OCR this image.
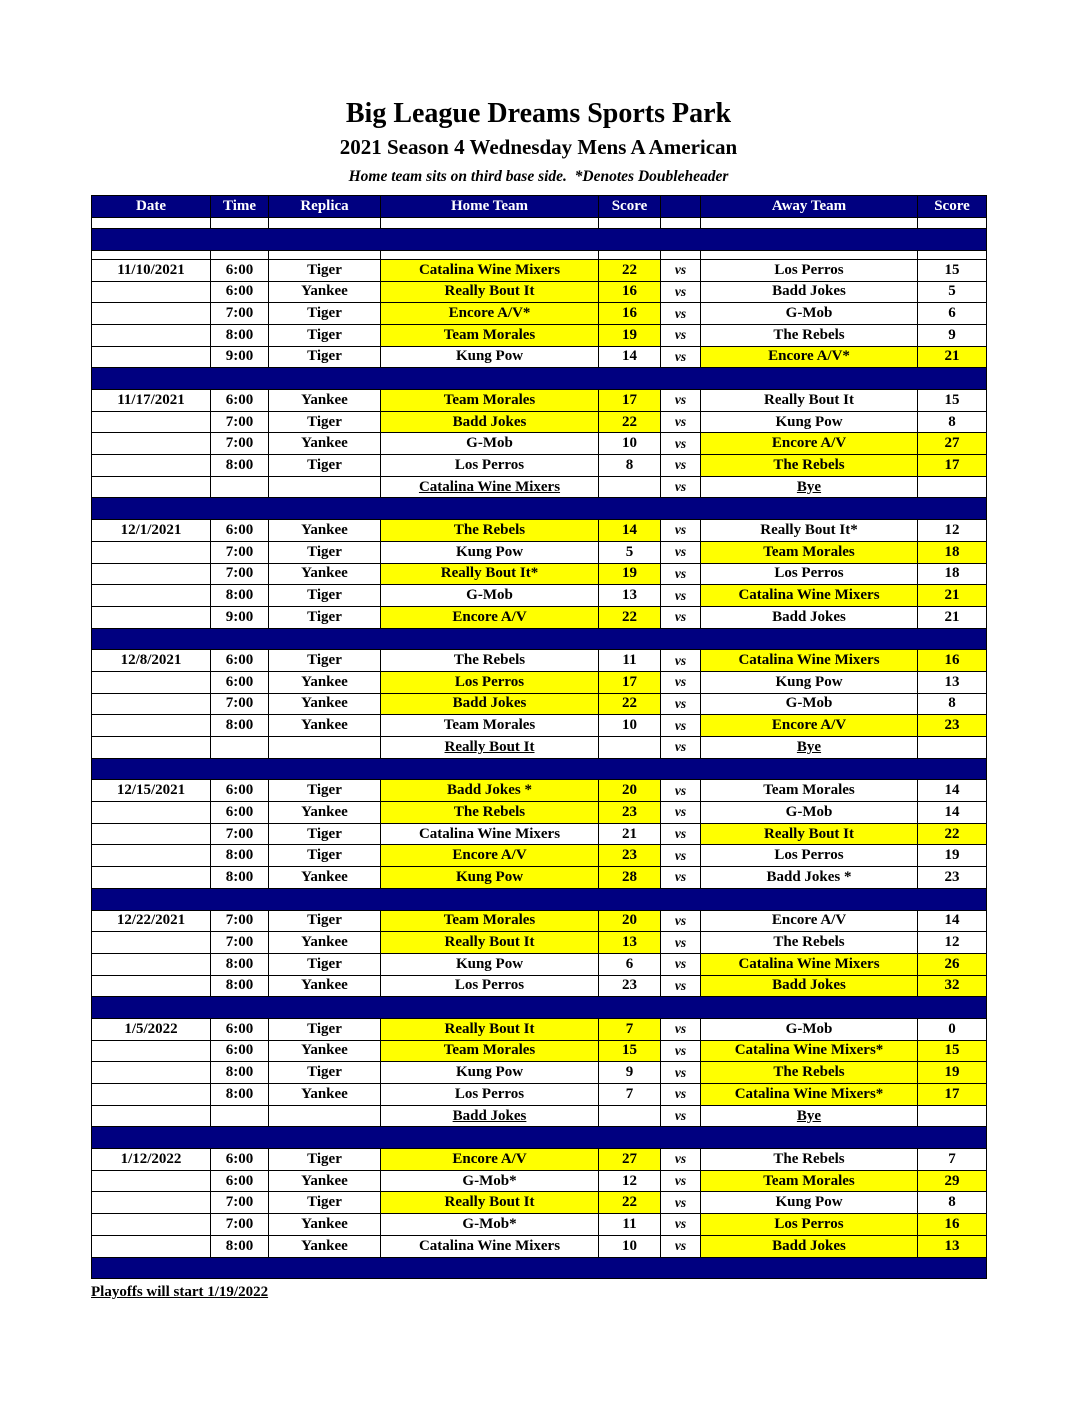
Big League Dreams Sports Park
2021 Season 4 Wednesday Mens A American
Home team sits on third base side.  *Denotes Doubleheader
Date	Time	Replica	Home Team	Score		Away Team	Score

11/10/2021	6:00	Tiger	Catalina Wine Mixers	22	vs	Los Perros	15
	6:00	Yankee	Really Bout It	16	vs	Badd Jokes	5
	7:00	Tiger	Encore A/V*	16	vs	G-Mob	6
	8:00	Tiger	Team Morales	19	vs	The Rebels	9
	9:00	Tiger	Kung Pow	14	vs	Encore A/V*	21

11/17/2021	6:00	Yankee	Team Morales	17	vs	Really Bout It	15
	7:00	Tiger	Badd Jokes	22	vs	Kung Pow	8
	7:00	Yankee	G-Mob	10	vs	Encore A/V	27
	8:00	Tiger	Los Perros	8	vs	The Rebels	17
			Catalina Wine Mixers		vs	Bye	

12/1/2021	6:00	Yankee	The Rebels	14	vs	Really Bout It*	12
	7:00	Tiger	Kung Pow	5	vs	Team Morales	18
	7:00	Yankee	Really Bout It*	19	vs	Los Perros	18
	8:00	Tiger	G-Mob	13	vs	Catalina Wine Mixers	21
	9:00	Tiger	Encore A/V	22	vs	Badd Jokes	21

12/8/2021	6:00	Tiger	The Rebels	11	vs	Catalina Wine Mixers	16
	6:00	Yankee	Los Perros	17	vs	Kung Pow	13
	7:00	Yankee	Badd Jokes	22	vs	G-Mob	8
	8:00	Yankee	Team Morales	10	vs	Encore A/V	23
			Really Bout It		vs	Bye	

12/15/2021	6:00	Tiger	Badd Jokes *	20	vs	Team Morales	14
	6:00	Yankee	The Rebels	23	vs	G-Mob	14
	7:00	Tiger	Catalina Wine Mixers	21	vs	Really Bout It	22
	8:00	Tiger	Encore A/V	23	vs	Los Perros	19
	8:00	Yankee	Kung Pow	28	vs	Badd Jokes *	23

12/22/2021	7:00	Tiger	Team Morales	20	vs	Encore A/V	14
	7:00	Yankee	Really Bout It	13	vs	The Rebels	12
	8:00	Tiger	Kung Pow	6	vs	Catalina Wine Mixers	26
	8:00	Yankee	Los Perros	23	vs	Badd Jokes	32

1/5/2022	6:00	Tiger	Really Bout It	7	vs	G-Mob	0
	6:00	Yankee	Team Morales	15	vs	Catalina Wine Mixers*	15
	8:00	Tiger	Kung Pow	9	vs	The Rebels	19
	8:00	Yankee	Los Perros	7	vs	Catalina Wine Mixers*	17
			Badd Jokes		vs	Bye	

1/12/2022	6:00	Tiger	Encore A/V	27	vs	The Rebels	7
	6:00	Yankee	G-Mob*	12	vs	Team Morales	29
	7:00	Tiger	Really Bout It	22	vs	Kung Pow	8
	7:00	Yankee	G-Mob*	11	vs	Los Perros	16
	8:00	Yankee	Catalina Wine Mixers	10	vs	Badd Jokes	13

Playoffs will start 1/19/2022
